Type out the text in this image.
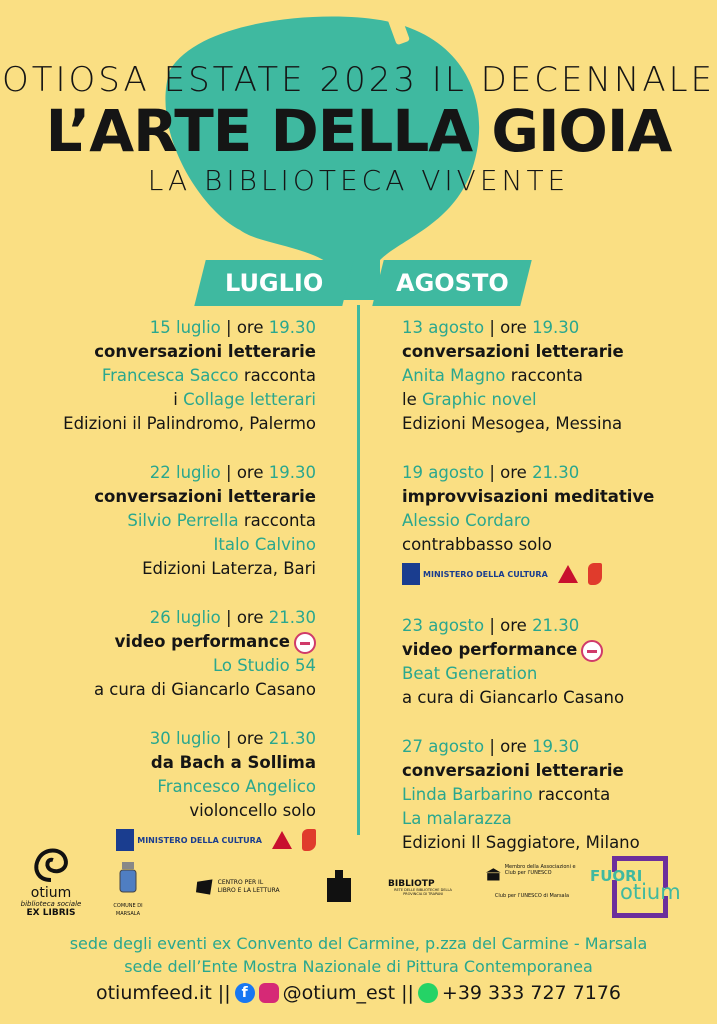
OTIOSA ESTATE 2023 IL DECENNALE
L’ARTE DELLA GIOIA
LA BIBLIOTECA VIVENTE
LUGLIO	AGOSTO
15 luglio | ore 19.30
conversazioni letterarie
Francesca Sacco racconta
i Collage letterari
Edizioni il Palindromo, Palermo
22 luglio | ore 19.30
conversazioni letterarie
Silvio Perrella racconta
Italo Calvino
Edizioni Laterza, Bari
26 luglio | ore 21.30
video performance
Lo Studio 54
a cura di Giancarlo Casano
30 luglio | ore 21.30
da Bach a Sollima
Francesco Angelico
violoncello solo
MINISTERO DELLA CULTURA
13 agosto | ore 19.30
conversazioni letterarie
Anita Magno racconta
le Graphic novel
Edizioni Mesogea, Messina
19 agosto | ore 21.30
improvvisazioni meditative
Alessio Cordaro
contrabbasso solo
MINISTERO DELLA CULTURA
23 agosto | ore 21.30
video performance
Beat Generation
a cura di Giancarlo Casano
27 agosto | ore 19.30
conversazioni letterarie
Linda Barbarino racconta
La malarazza
Edizioni Il Saggiatore, Milano
otium
biblioteca sociale
EX LIBRIS
COMUNE DI MARSALA
CENTRO PER IL LIBRO E LA LETTURA
BIBLIOTP
RETE DELLE BIBLIOTECHE DELLA PROVINCIA DI TRAPANI
Membro della Associazioni e Club per l’UNESCO
Club per l’UNESCO di Marsala
FUORI
otium
sede degli eventi ex Convento del Carmine, p.zza del Carmine - Marsala
sede dell’Ente Mostra Nazionale di Pittura Contemporanea
otiumfeed.it || f	@otium_est || +39 333 727 7176
